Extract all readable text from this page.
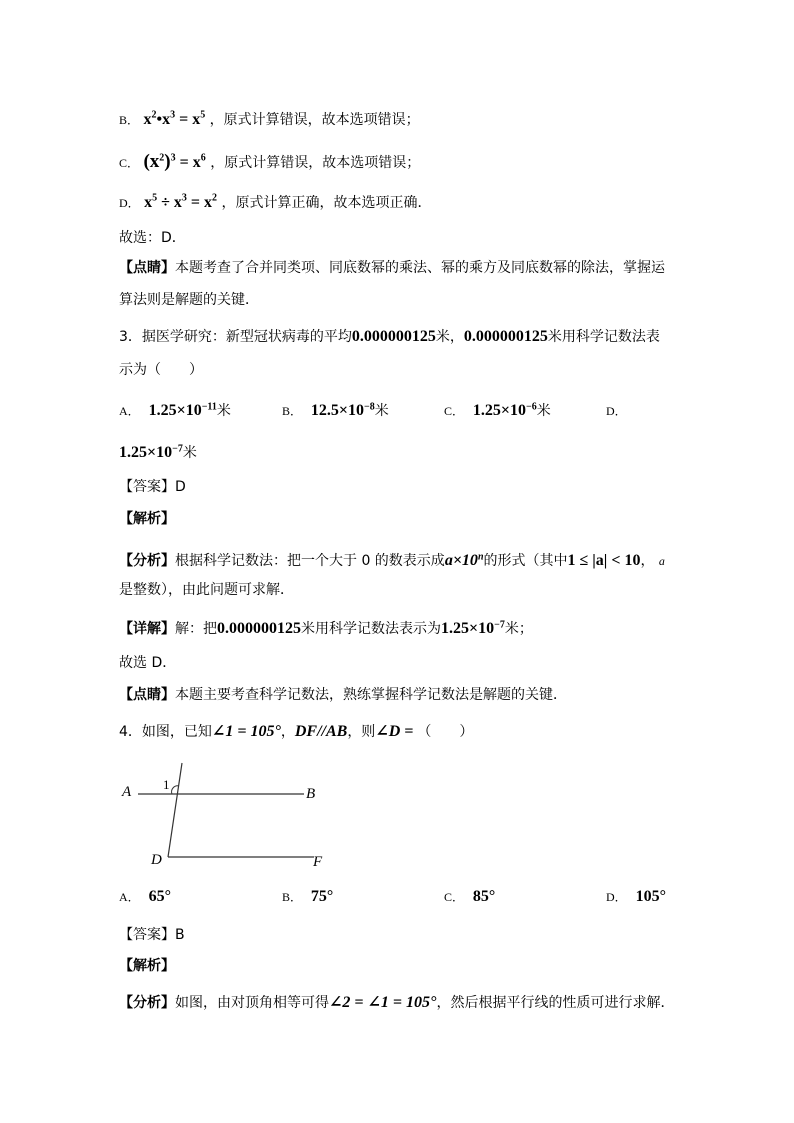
B． $x^2•x^3 = x^5$ ，原式计算错误，故本选项错误；
C． $(x^2)^3 = x^6$ ，原式计算错误，故本选项错误；
D． $x^5 \div x^3 = x^2$ ，原式计算正确，故本选项正确．
故选：D．
【点睛】本题考查了合并同类项、同底数幂的乘法、幂的乘方及同底数幂的除法，掌握运
算法则是解题的关键．
3．据医学研究：新型冠状病毒的平均0.000000125米，0.000000125米用科学记数法表
示为（　　）
A． $1.25\times 10^{-11}$米	B． $12.5\times 10^{-8}$米	C． $1.25\times 10^{-6}$米	D．
$1.25\times 10^{-7}$米
【答案】D
【解析】
【分析】根据科学记数法：把一个大于 0 的数表示成$a\times 10^n$的形式（其中1 ≤ |a| < 10， a
是整数），由此问题可求解．
【详解】解：把0.000000125米用科学记数法表示为$1.25\times 10^{-7}$米；
故选 D．
【点睛】本题主要考查科学记数法，熟练掌握科学记数法是解题的关键．
4．如图，已知∠1 = 105°，DF//AB，则∠D = （　　）
A	B
D	F
1
A． 65°	B． 75°	C． 85°	D． 105°
【答案】B
【解析】
【分析】如图，由对顶角相等可得∠2 = ∠1 = 105°，然后根据平行线的性质可进行求解．
